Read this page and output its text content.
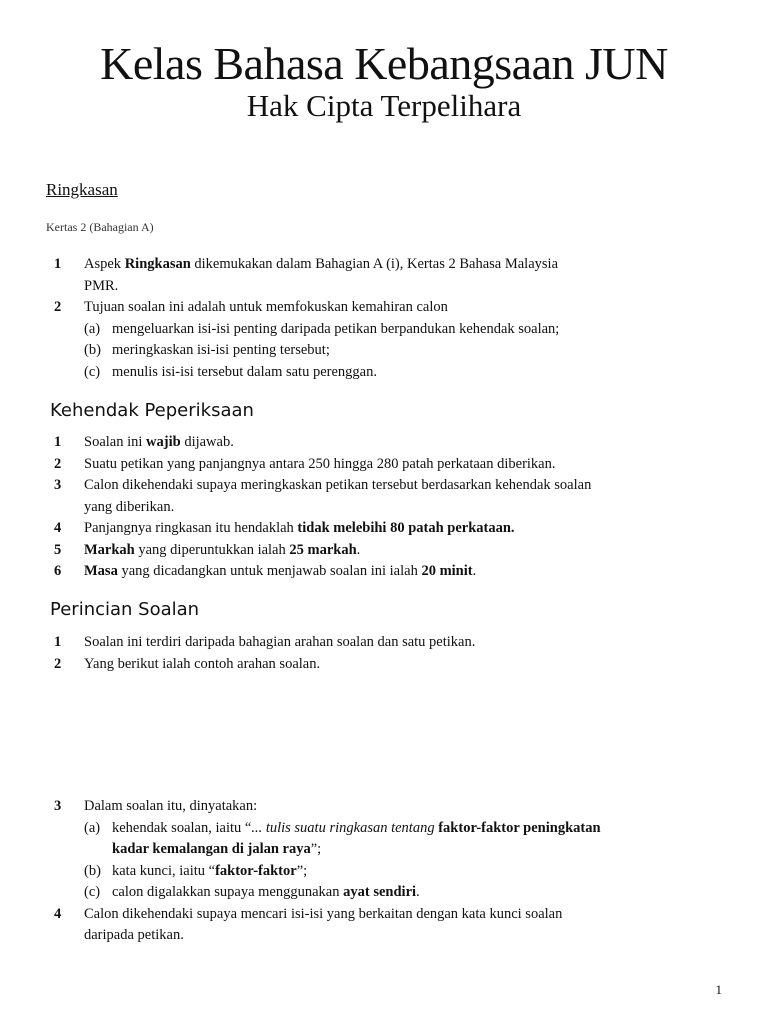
Kelas Bahasa Kebangsaan JUN
Hak Cipta Terpelihara
Ringkasan
Kertas 2 (Bahagian A)
1	Aspek Ringkasan dikemukakan dalam Bahagian A (i), Kertas 2 Bahasa Malaysia
PMR.
2	Tujuan soalan ini adalah untuk memfokuskan kemahiran calon
(a) mengeluarkan isi-isi penting daripada petikan berpandukan kehendak soalan;
(b) meringkaskan isi-isi penting tersebut;
(c) menulis isi-isi tersebut dalam satu perenggan.
Kehendak Peperiksaan
1	Soalan ini wajib dijawab.
2	Suatu petikan yang panjangnya antara 250 hingga 280 patah perkataan diberikan.
3	Calon dikehendaki supaya meringkaskan petikan tersebut berdasarkan kehendak soalan
yang diberikan.
4	Panjangnya ringkasan itu hendaklah tidak melebihi 80 patah perkataan.
5	Markah yang diperuntukkan ialah 25 markah.
6	Masa yang dicadangkan untuk menjawab soalan ini ialah 20 minit.
Perincian Soalan
1	Soalan ini terdiri daripada bahagian arahan soalan dan satu petikan.
2	Yang berikut ialah contoh arahan soalan.
3	Dalam soalan itu, dinyatakan:
(a) kehendak soalan, iaitu “... tulis suatu ringkasan tentang faktor-faktor peningkatan
kadar kemalangan di jalan raya”;
(b) kata kunci, iaitu “faktor-faktor”;
(c) calon digalakkan supaya menggunakan ayat sendiri.
4	Calon dikehendaki supaya mencari isi-isi yang berkaitan dengan kata kunci soalan
daripada petikan.
1
